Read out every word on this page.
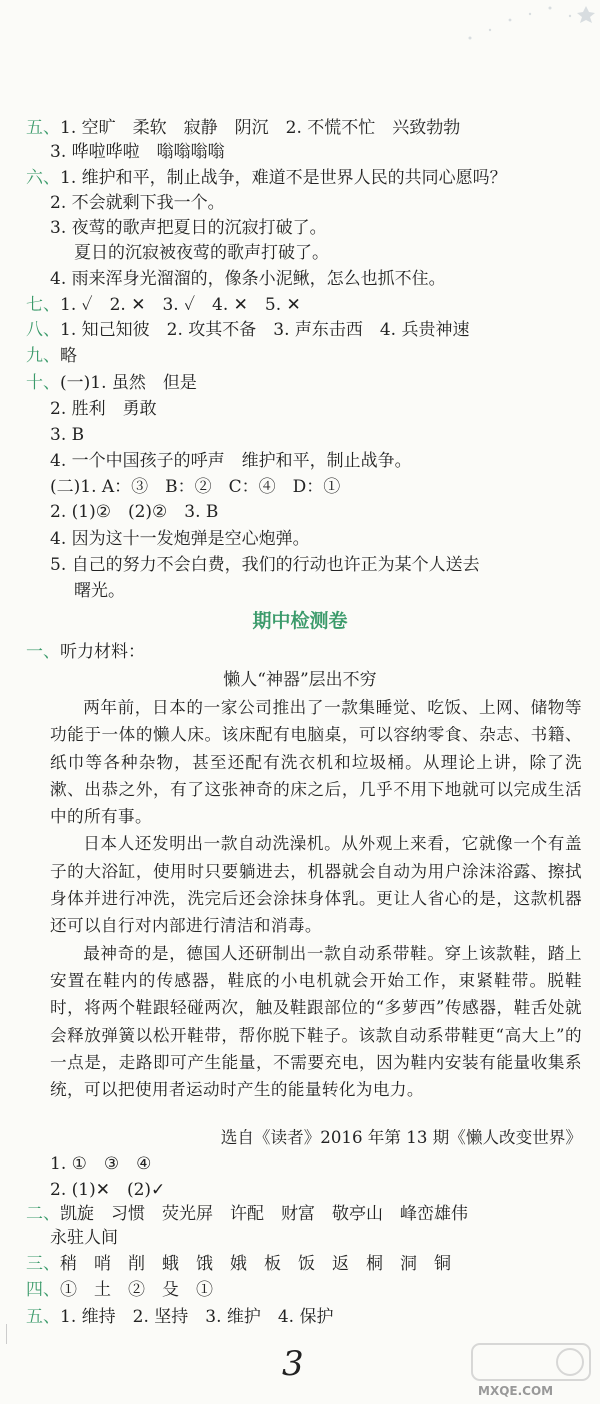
五、1. 空旷　柔软　寂静　阴沉　2. 不慌不忙　兴致勃勃
3. 哗啦哗啦　嗡嗡嗡嗡
六、1. 维护和平，制止战争，难道不是世界人民的共同心愿吗？
2. 不会就剩下我一个。
3. 夜莺的歌声把夏日的沉寂打破了。
夏日的沉寂被夜莺的歌声打破了。
4. 雨来浑身光溜溜的，像条小泥鳅，怎么也抓不住。
七、1. ✓　2. ✕　3. ✓　4. ✕　5. ✕
八、1. 知己知彼　2. 攻其不备　3. 声东击西　4. 兵贵神速
九、略
十、(一)1. 虽然　但是
2. 胜利　勇敢
3. B
4. 一个中国孩子的呼声　维护和平，制止战争。
(二)1. A：③　B：②　C：④　D：①
2. (1)②　(2)②　3. B
4. 因为这十一发炮弹是空心炮弹。
5. 自己的努力不会白费，我们的行动也许正为某个人送去
曙光。
期中检测卷
一、听力材料：
懒人“神器”层出不穷

两年前，日本的一家公司推出了一款集睡觉、吃饭、上网、储物等功能于一体的懒人床。该床配有电脑桌，可以容纳零食、杂志、书籍、纸巾等各种杂物，甚至还配有洗衣机和垃圾桶。从理论上讲，除了洗漱、出恭之外，有了这张神奇的床之后，几乎不用下地就可以完成生活中的所有事。

日本人还发明出一款自动洗澡机。从外观上来看，它就像一个有盖子的大浴缸，使用时只要躺进去，机器就会自动为用户涂沫浴露、擦拭身体并进行冲洗，洗完后还会涂抹身体乳。更让人省心的是，这款机器还可以自行对内部进行清洁和消毒。

最神奇的是，德国人还研制出一款自动系带鞋。穿上该款鞋，踏上安置在鞋内的传感器，鞋底的小电机就会开始工作，束紧鞋带。脱鞋时，将两个鞋跟轻碰两次，触及鞋跟部位的“多萝西”传感器，鞋舌处就会释放弹簧以松开鞋带，帮你脱下鞋子。该款自动系带鞋更“高大上”的一点是，走路即可产生能量，不需要充电，因为鞋内安装有能量收集系统，可以把使用者运动时产生的能量转化为电力。

选自《读者》2016 年第 13 期《懒人改变世界》
1. ①　③　④
2. (1)✕　(2)✓
二、凯旋　习惯　荧光屏　许配　财富　敬亭山　峰峦雄伟
永驻人间
三、稍　哨　削　蛾　饿　娥　板　饭　返　桐　洞　铜
四、①　土　②　殳　①
五、1. 维持　2. 坚持　3. 维护　4. 保护
3
MXQE.COM
